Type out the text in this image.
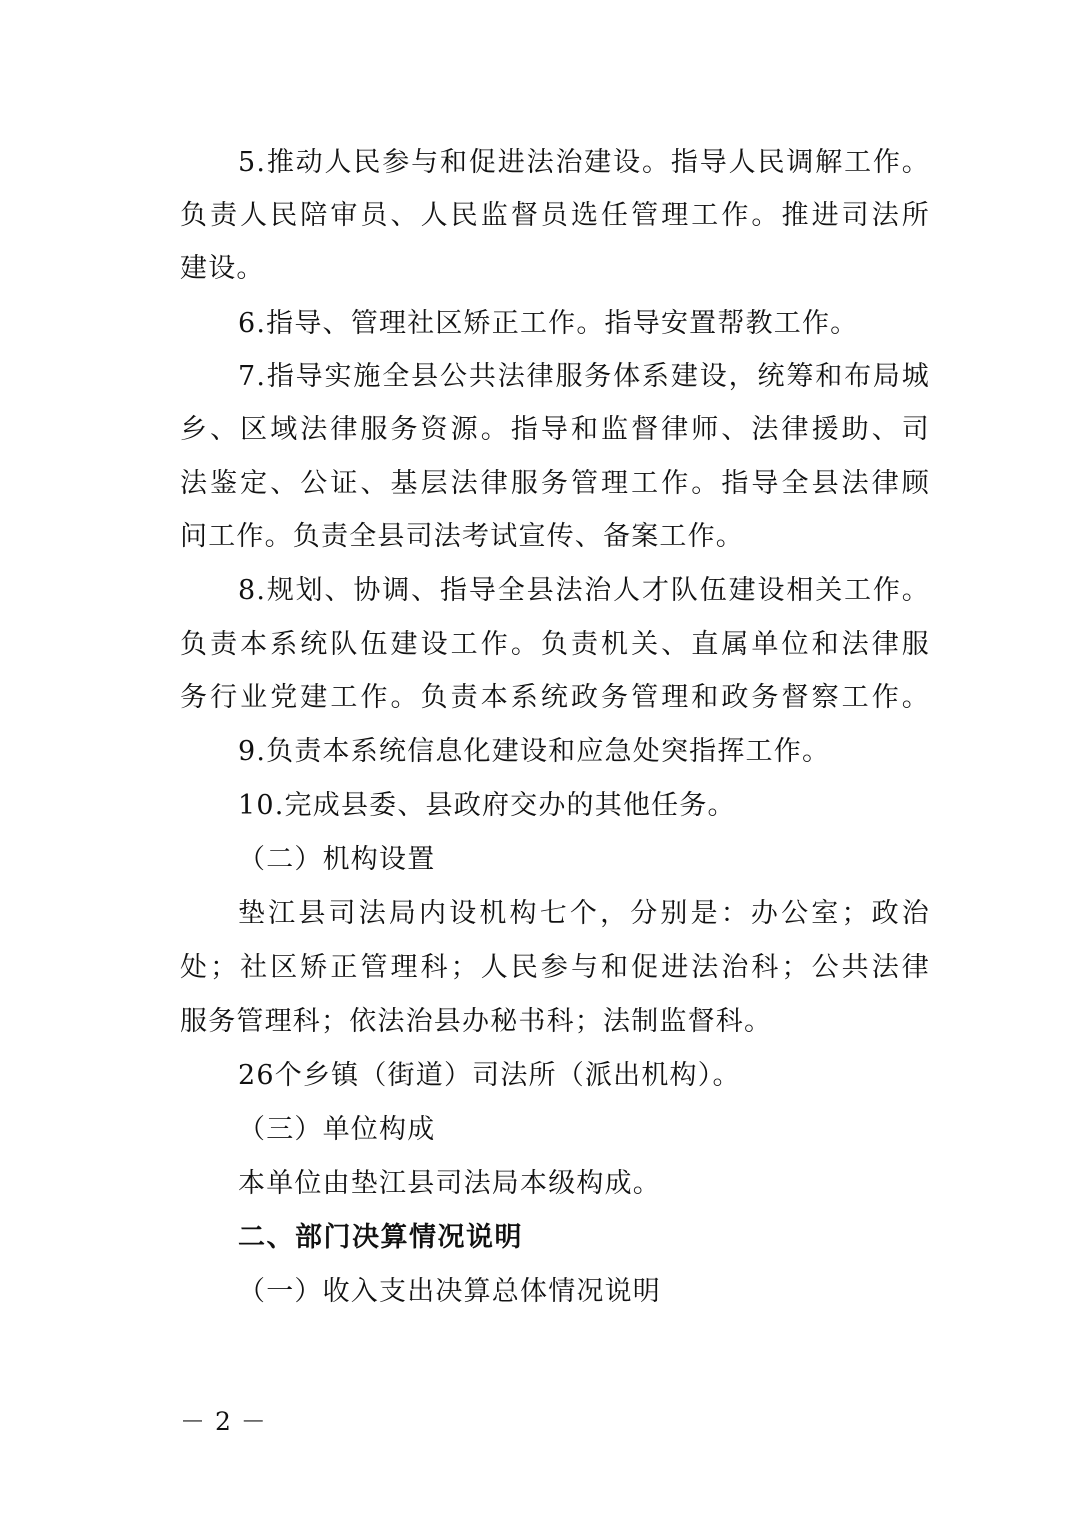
5.推动人民参与和促进法治建设。指导人民调解工作。
负责人民陪审员、人民监督员选任管理工作。推进司法所
建设。
6.指导、管理社区矫正工作。指导安置帮教工作。
7.指导实施全县公共法律服务体系建设，统筹和布局城
乡、区域法律服务资源。指导和监督律师、法律援助、司
法鉴定、公证、基层法律服务管理工作。指导全县法律顾
问工作。负责全县司法考试宣传、备案工作。
8.规划、协调、指导全县法治人才队伍建设相关工作。
负责本系统队伍建设工作。负责机关、直属单位和法律服
务行业党建工作。负责本系统政务管理和政务督察工作。
9.负责本系统信息化建设和应急处突指挥工作。
10.完成县委、县政府交办的其他任务。
（二）机构设置
垫江县司法局内设机构七个，分别是：办公室；政治
处；社区矫正管理科；人民参与和促进法治科；公共法律
服务管理科；依法治县办秘书科；法制监督科。
26个乡镇（街道）司法所（派出机构）。
（三）单位构成
本单位由垫江县司法局本级构成。
二、部门决算情况说明
（一）收入支出决算总体情况说明
－ 2 －
